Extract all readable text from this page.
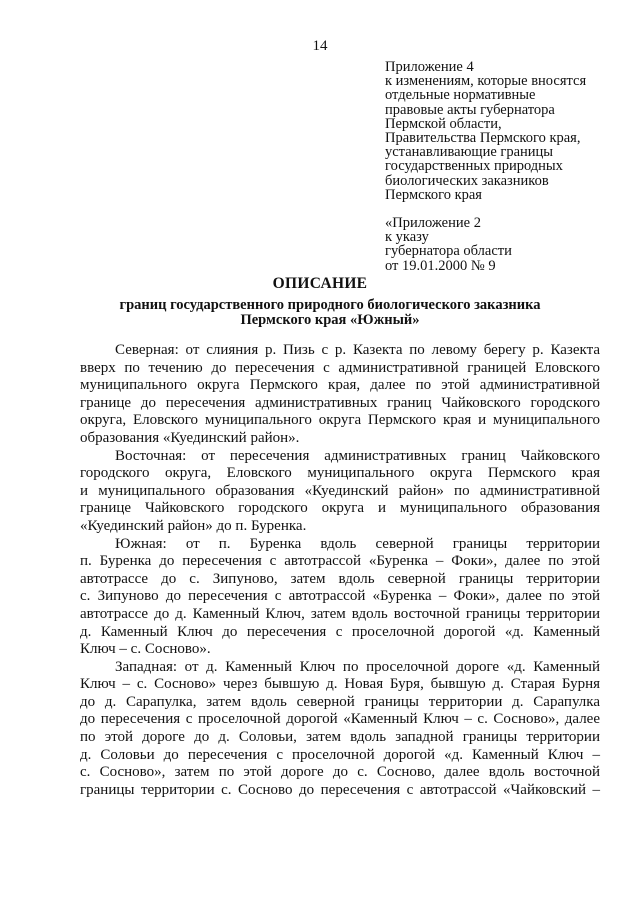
14
Приложение 4
к изменениям, которые вносятся
отдельные нормативные
правовые акты губернатора
Пермской области,
Правительства Пермского края,
устанавливающие границы
государственных природных
биологических заказников
Пермского края
«Приложение 2
к указу
губернатора области
от 19.01.2000 № 9
ОПИСАНИЕ
границ государственного природного биологического заказника
Пермского края «Южный»

Северная: от слияния р. Пизь с р. Казекта по левому берегу р. Казекта
вверх по течению до пересечения с административной границей Еловского
муниципального округа Пермского края, далее по этой административной
границе до пересечения административных границ Чайковского городского
округа, Еловского муниципального округа Пермского края и муниципального
образования «Куединский район».

Восточная: от пересечения административных границ Чайковского
городского округа, Еловского муниципального округа Пермского края
и муниципального образования «Куединский район» по административной
границе Чайковского городского округа и муниципального образования
«Куединский район» до п. Буренка.

Южная: от п. Буренка вдоль северной границы территории
п. Буренка до пересечения с автотрассой «Буренка – Фоки», далее по этой
автотрассе до с. Зипуново, затем вдоль северной границы территории
с. Зипуново до пересечения с автотрассой «Буренка – Фоки», далее по этой
автотрассе до д. Каменный Ключ, затем вдоль восточной границы территории
д. Каменный Ключ до пересечения с проселочной дорогой «д. Каменный
Ключ – с. Сосново».

Западная: от д. Каменный Ключ по проселочной дороге «д. Каменный
Ключ – с. Сосново» через бывшую д. Новая Буря, бывшую д. Старая Бурня
до д. Сарапулка, затем вдоль северной границы территории д. Сарапулка
до пересечения с проселочной дорогой «Каменный Ключ – с. Сосново», далее
по этой дороге до д. Соловьи, затем вдоль западной границы территории
д. Соловьи до пересечения с проселочной дорогой «д. Каменный Ключ –
с. Сосново», затем по этой дороге до с. Сосново, далее вдоль восточной
границы территории с. Сосново до пересечения с автотрассой «Чайковский –
